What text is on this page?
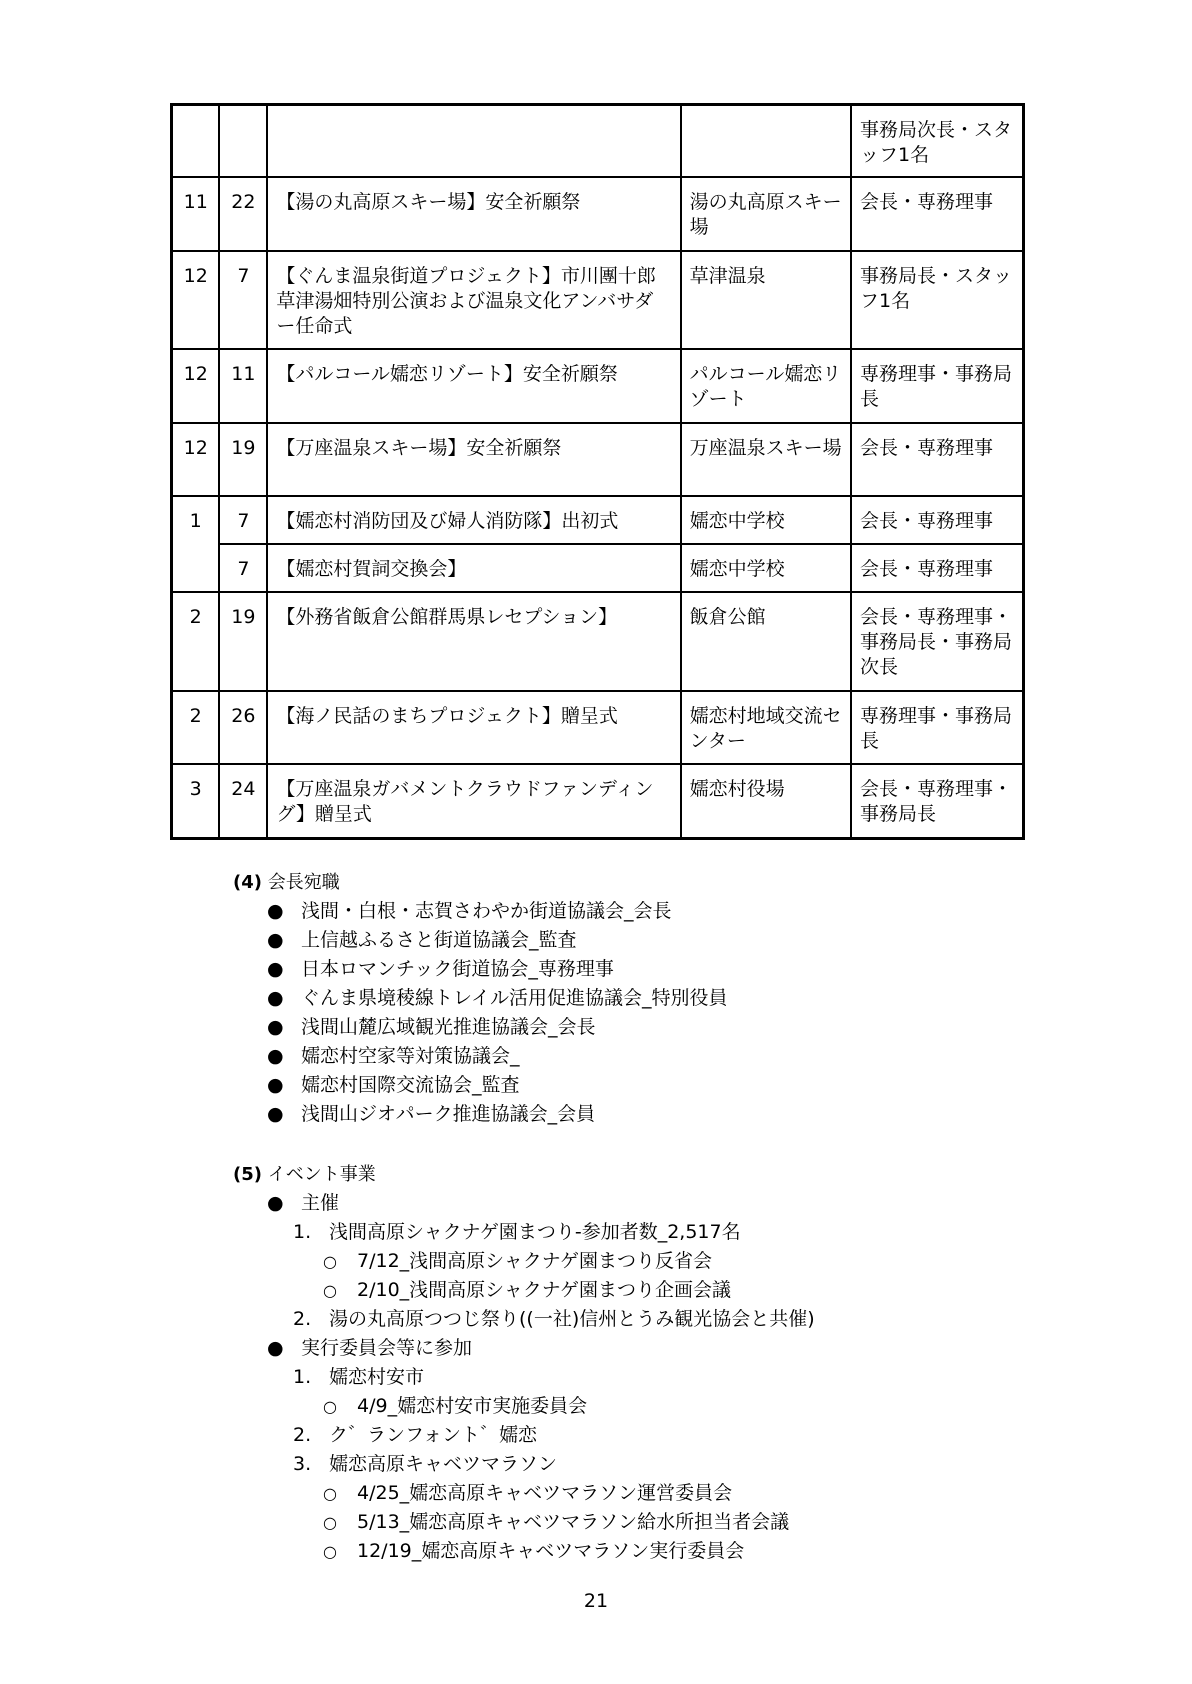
				事務局次長・スタッフ1名
11	22	【湯の丸高原スキー場】安全祈願祭	湯の丸高原スキー場	会長・専務理事
12	7	【ぐんま温泉街道プロジェクト】市川團十郎草津湯畑特別公演および温泉文化アンバサダー任命式	草津温泉	事務局長・スタッフ1名
12	11	【パルコール嬬恋リゾート】安全祈願祭	パルコール嬬恋リゾート	専務理事・事務局長
12	19	【万座温泉スキー場】安全祈願祭	万座温泉スキー場	会長・専務理事
1	7	【嬬恋村消防団及び婦人消防隊】出初式	嬬恋中学校	会長・専務理事
	7	【嬬恋村賀詞交換会】	嬬恋中学校	会長・専務理事
2	19	【外務省飯倉公館群馬県レセプション】	飯倉公館	会長・専務理事・事務局長・事務局次長
2	26	【海ノ民話のまちプロジェクト】贈呈式	嬬恋村地域交流センター	専務理事・事務局長
3	24	【万座温泉ガバメントクラウドファンディング】贈呈式	嬬恋村役場	会長・専務理事・事務局長
(4) 会長宛職
● 浅間・白根・志賀さわやか街道協議会_会長
● 上信越ふるさと街道協議会_監査
● 日本ロマンチック街道協会_専務理事
● ぐんま県境稜線トレイル活用促進協議会_特別役員
● 浅間山麓広域観光推進協議会_会長
● 嬬恋村空家等対策協議会_
● 嬬恋村国際交流協会_監査
● 浅間山ジオパーク推進協議会_会員
(5) イベント事業
● 主催
1. 浅間高原シャクナゲ園まつり-参加者数_2,517名
○ 7/12_浅間高原シャクナゲ園まつり反省会
○ 2/10_浅間高原シャクナゲ園まつり企画会議
2. 湯の丸高原つつじ祭り((一社)信州とうみ観光協会と共催)
● 実行委員会等に参加
1. 嬬恋村安市
○ 4/9_嬬恋村安市実施委員会
2. ク゛ランフォント゛嬬恋
3. 嬬恋高原キャベツマラソン
○ 4/25_嬬恋高原キャベツマラソン運営委員会
○ 5/13_嬬恋高原キャベツマラソン給水所担当者会議
○ 12/19_嬬恋高原キャベツマラソン実行委員会
21
